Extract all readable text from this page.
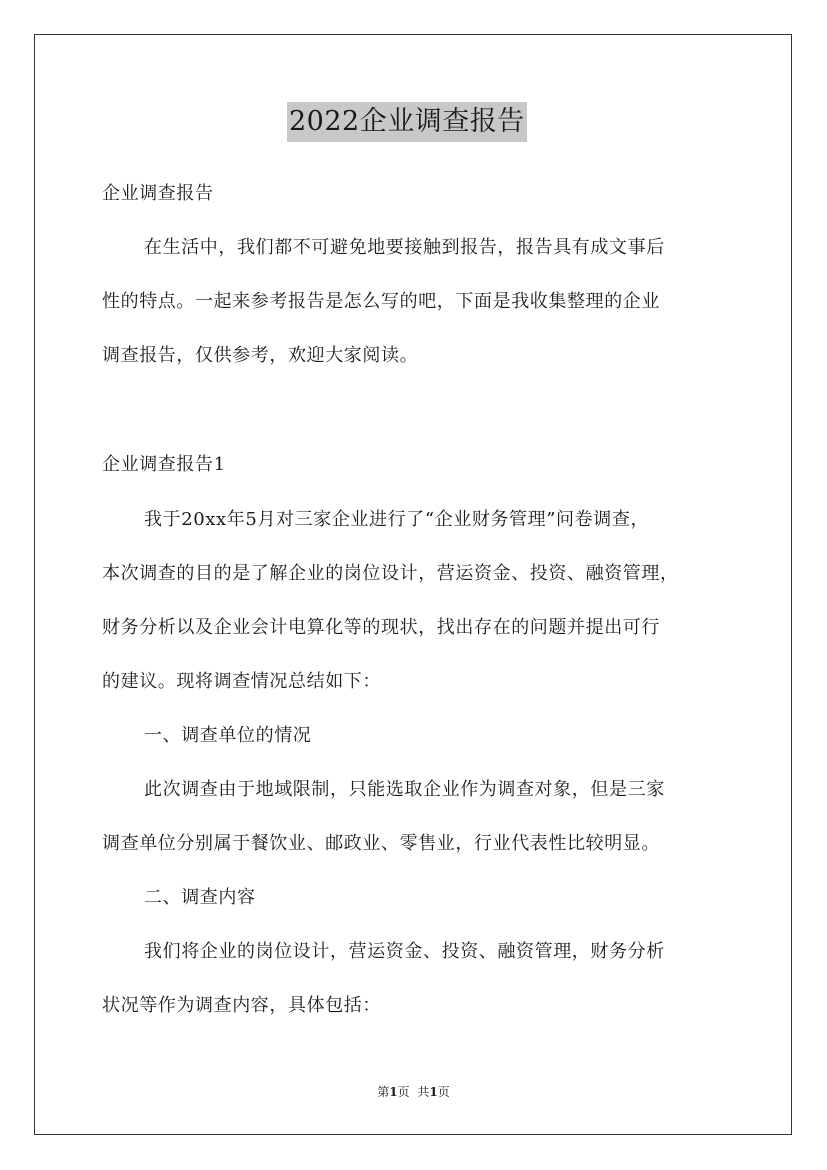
2022企业调查报告
企业调查报告
在生活中，我们都不可避免地要接触到报告，报告具有成文事后
性的特点。一起来参考报告是怎么写的吧，下面是我收集整理的企业
调查报告，仅供参考，欢迎大家阅读。
企业调查报告1
我于20xx年5月对三家企业进行了“企业财务管理”问卷调查，
本次调查的目的是了解企业的岗位设计，营运资金、投资、融资管理，
财务分析以及企业会计电算化等的现状，找出存在的问题并提出可行
的建议。现将调查情况总结如下：
一、调查单位的情况
此次调查由于地域限制，只能选取企业作为调查对象，但是三家
调查单位分别属于餐饮业、邮政业、零售业，行业代表性比较明显。
二、调查内容
我们将企业的岗位设计，营运资金、投资、融资管理，财务分析
状况等作为调查内容，具体包括：
第1页 共1页
